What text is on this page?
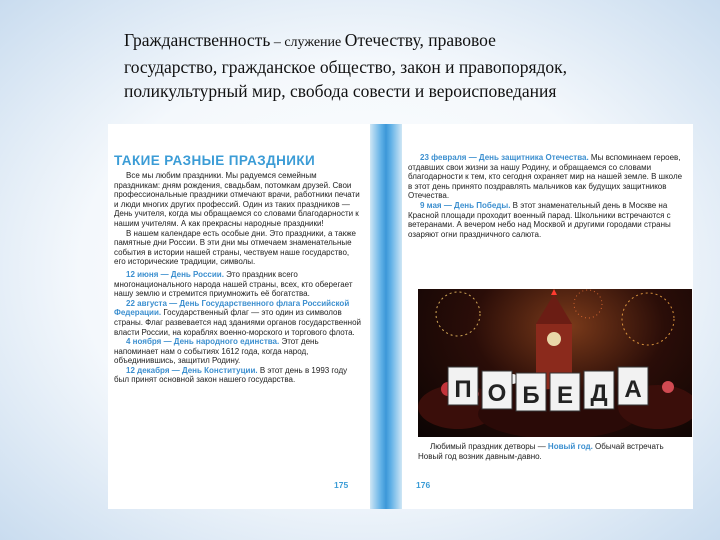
Гражданственность – служение Отечеству, правовое
государство, гражданское общество, закон и правопорядок,
поликультурный мир, свобода совести и вероисповедания
ТАКИЕ РАЗНЫЕ ПРАЗДНИКИ

Все мы любим праздники. Мы радуемся семейным праздникам: дням рождения, свадьбам, потомкам друзей. Свои профессиональные праздники отмечают врачи, работники печати и люди многих других профессий. Один из таких праздников — День учителя, когда мы обращаемся со словами благодарности к нашим учителям. А как прекрасны народные праздники!

В нашем календаре есть особые дни. Это праздники, а также памятные дни России. В эти дни мы отмечаем знаменательные события в истории нашей страны, чествуем наше государство, его исторические традиции, символы.

12 июня — День России. Это праздник всего многонационального народа нашей страны, всех, кто оберегает нашу землю и стремится приумножить её богатства.

22 августа — День Государственного флага Российской Федерации. Государственный флаг — это один из символов страны. Флаг развевается над зданиями органов государственной власти России, на кораблях военно-морского и торгового флота.

4 ноября — День народного единства. Этот день напоминает нам о событиях 1612 года, когда народ, объединившись, защитил Родину.

12 декабря — День Конституции. В этот день в 1993 году был принят основной закон нашего государства.

175

23 февраля — День защитника Отечества. Мы вспоминаем героев, отдавших свои жизни за нашу Родину, и обращаемся со словами благодарности к тем, кто сегодня охраняет мир на нашей земле. В школе в этот день принято поздравлять мальчиков как будущих защитников Отечества.

9 мая — День Победы. В этот знаменательный день в Москве на Красной площади проходит военный парад. Школьники встречаются с ветеранами. А вечером небо над Москвой и другими городами страны озаряют огни праздничного салюта.

П О Б Е Д А

Любимый праздник детворы — Новый год. Обычай встречать Новый год возник давным-давно.

176
